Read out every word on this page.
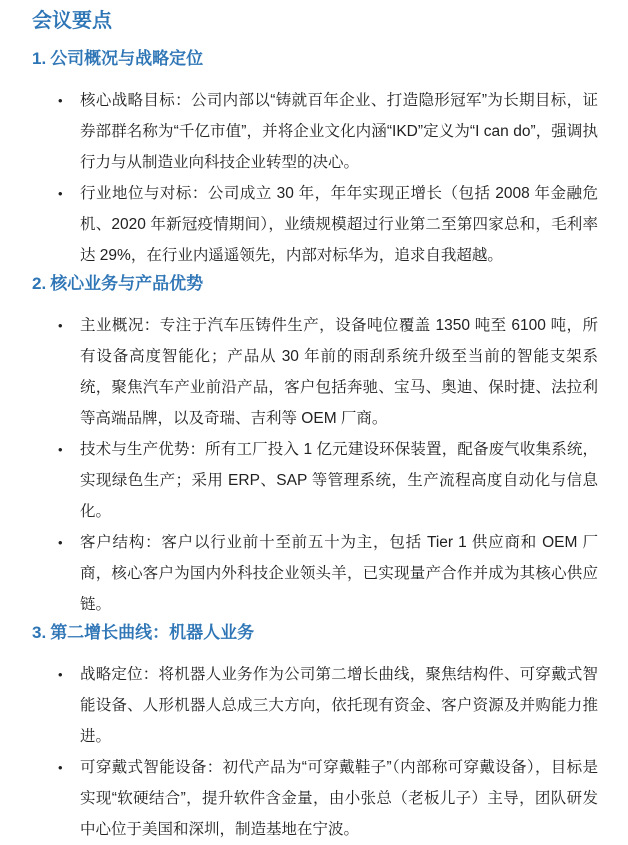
会议要点
1. 公司概况与战略定位
• 核心战略目标：公司内部以“铸就百年企业、打造隐形冠军”为长期目标，证券部群名称为“千亿市值”，并将企业文化内涵“IKD”定义为“I can do”，强调执行力与从制造业向科技企业转型的决心。
• 行业地位与对标：公司成立 30 年，年年实现正增长（包括 2008 年金融危机、2020 年新冠疫情期间），业绩规模超过行业第二至第四家总和，毛利率达 29%，在行业内遥遥领先，内部对标华为，追求自我超越。
2. 核心业务与产品优势
• 主业概况：专注于汽车压铸件生产，设备吨位覆盖 1350 吨至 6100 吨，所有设备高度智能化；产品从 30 年前的雨刮系统升级至当前的智能支架系统，聚焦汽车产业前沿产品，客户包括奔驰、宝马、奥迪、保时捷、法拉利等高端品牌，以及奇瑞、吉利等 OEM 厂商。
• 技术与生产优势：所有工厂投入 1 亿元建设环保装置，配备废气收集系统，实现绿色生产；采用 ERP、SAP 等管理系统，生产流程高度自动化与信息化。
• 客户结构：客户以行业前十至前五十为主，包括 Tier 1 供应商和 OEM 厂商，核心客户为国内外科技企业领头羊，已实现量产合作并成为其核心供应链。
3. 第二增长曲线：机器人业务
• 战略定位：将机器人业务作为公司第二增长曲线，聚焦结构件、可穿戴式智能设备、人形机器人总成三大方向，依托现有资金、客户资源及并购能力推进。
• 可穿戴式智能设备：初代产品为“可穿戴鞋子”（内部称可穿戴设备），目标是实现“软硬结合”，提升软件含金量，由小张总（老板儿子）主导，团队研发中心位于美国和深圳，制造基地在宁波。
